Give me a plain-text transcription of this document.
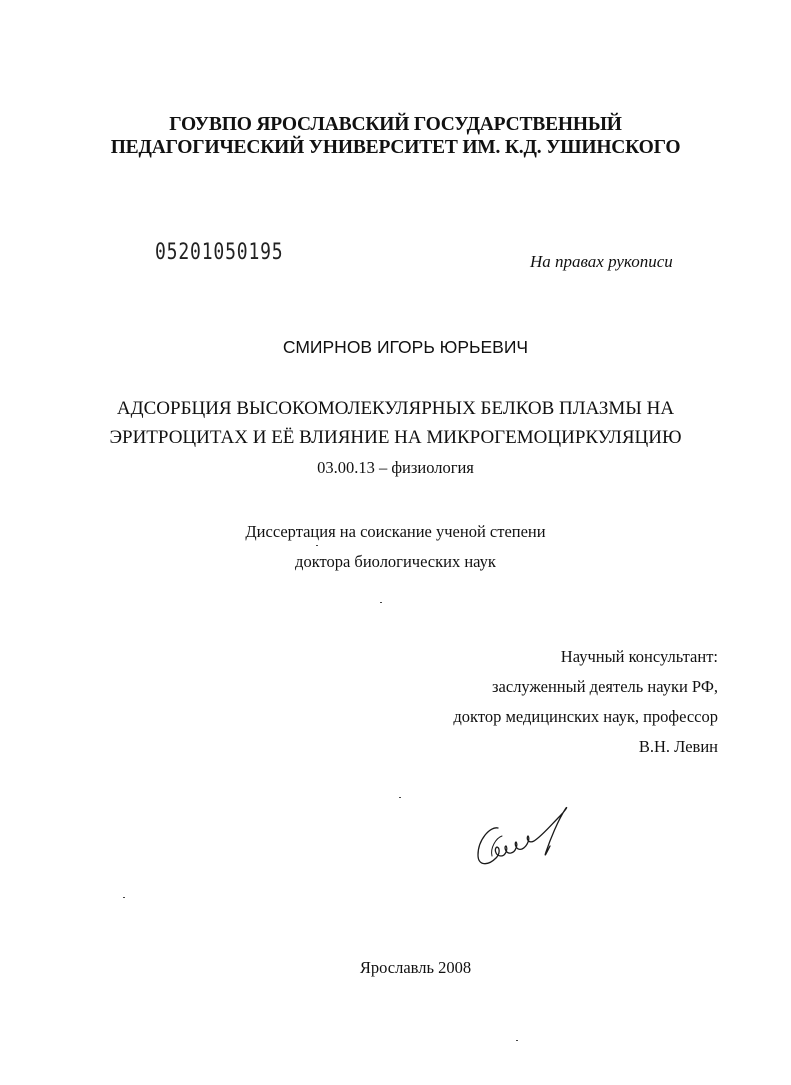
ГОУВПО ЯРОСЛАВСКИЙ ГОСУДАРСТВЕННЫЙ
ПЕДАГОГИЧЕСКИЙ УНИВЕРСИТЕТ ИМ. К.Д. УШИНСКОГО
05201050195	На правах рукописи
СМИРНОВ ИГОРЬ ЮРЬЕВИЧ
АДСОРБЦИЯ ВЫСОКОМОЛЕКУЛЯРНЫХ БЕЛКОВ ПЛАЗМЫ НА
ЭРИТРОЦИТАХ И ЕЁ ВЛИЯНИЕ НА МИКРОГЕМОЦИРКУЛЯЦИЮ
03.00.13 – физиология
Диссертация на соискание ученой степени
доктора биологических наук
Научный консультант:
заслуженный деятель науки РФ,
доктор медицинских наук, профессор
В.Н. Левин
Ярославль 2008
